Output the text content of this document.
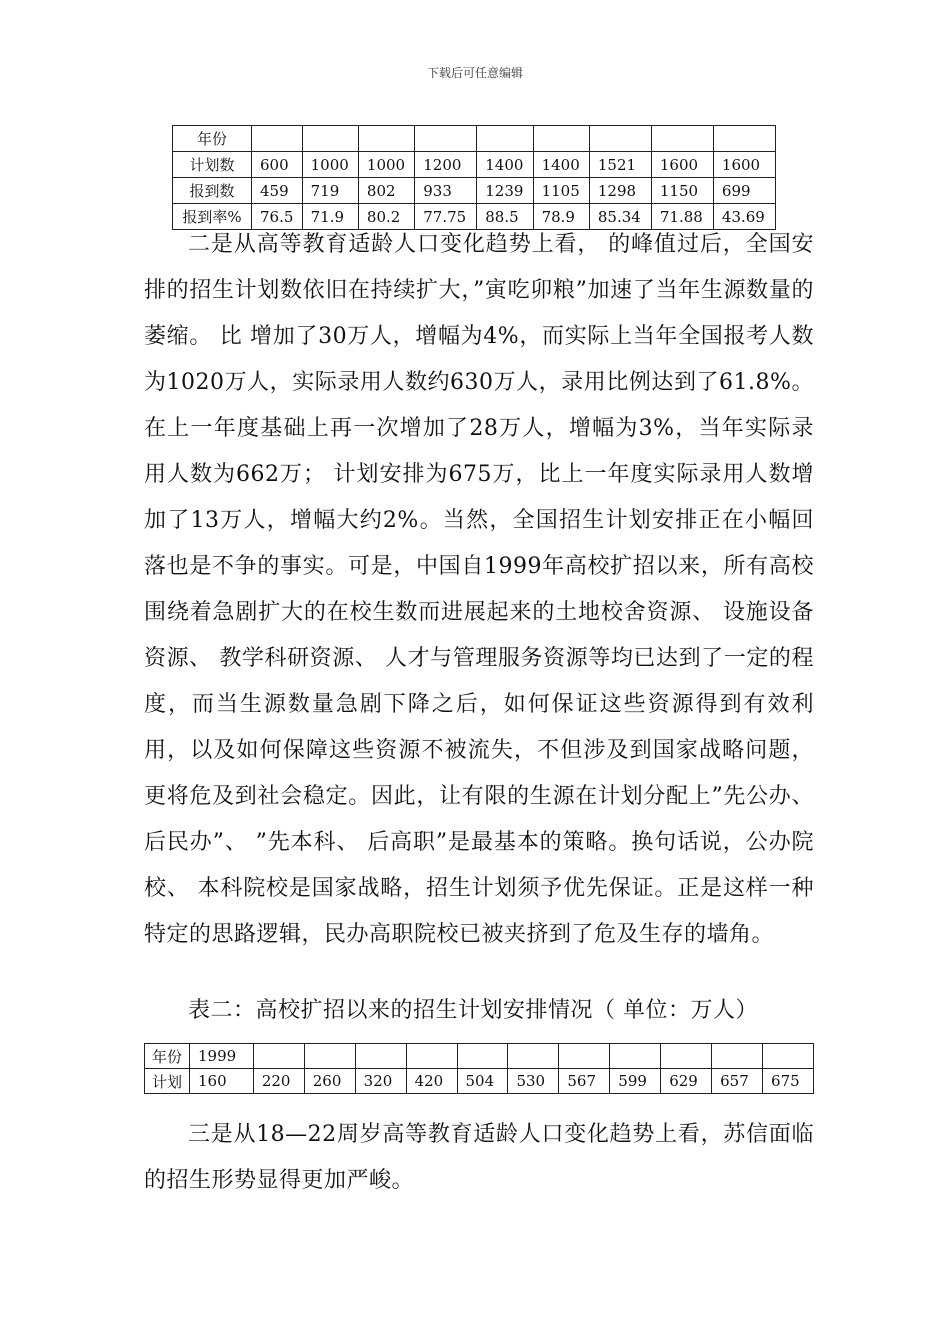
下载后可任意编辑
年份									
计划数	600	1000	1000	1200	1400	1400	1521	1600	1600
报到数	459	719	802	933	1239	1105	1298	1150	699
报到率%	76.5	71.9	80.2	77.75	88.5	78.9	85.34	71.88	43.69

二是从高等教育适龄人口变化趋势上看， 的峰值过后，全国安排的招生计划数依旧在持续扩大，”寅吃卯粮”加速了当年生源数量的萎缩。 比 增加了30万人，增幅为4%，而实际上当年全国报考人数为1020万人，实际录用人数约630万人，录用比例达到了61.8%。 在上一年度基础上再一次增加了28万人，增幅为3%，当年实际录用人数为662万； 计划安排为675万，比上一年度实际录用人数增加了13万人，增幅大约2%。当然，全国招生计划安排正在小幅回落也是不争的事实。可是，中国自1999年高校扩招以来，所有高校围绕着急剧扩大的在校生数而进展起来的土地校舍资源、 设施设备资源、 教学科研资源、 人才与管理服务资源等均已达到了一定的程度，而当生源数量急剧下降之后，如何保证这些资源得到有效利用，以及如何保障这些资源不被流失，不但涉及到国家战略问题，更将危及到社会稳定。因此，让有限的生源在计划分配上”先公办、 后民办”、 ”先本科、 后高职”是最基本的策略。换句话说，公办院校、 本科院校是国家战略，招生计划须予优先保证。正是这样一种特定的思路逻辑，民办高职院校已被夹挤到了危及生存的墙角。

表二：高校扩招以来的招生计划安排情况（ 单位：万人）

年份	1999											
计划	160	220	260	320	420	504	530	567	599	629	657	675

三是从18—22周岁高等教育适龄人口变化趋势上看，苏信面临的招生形势显得更加严峻。
